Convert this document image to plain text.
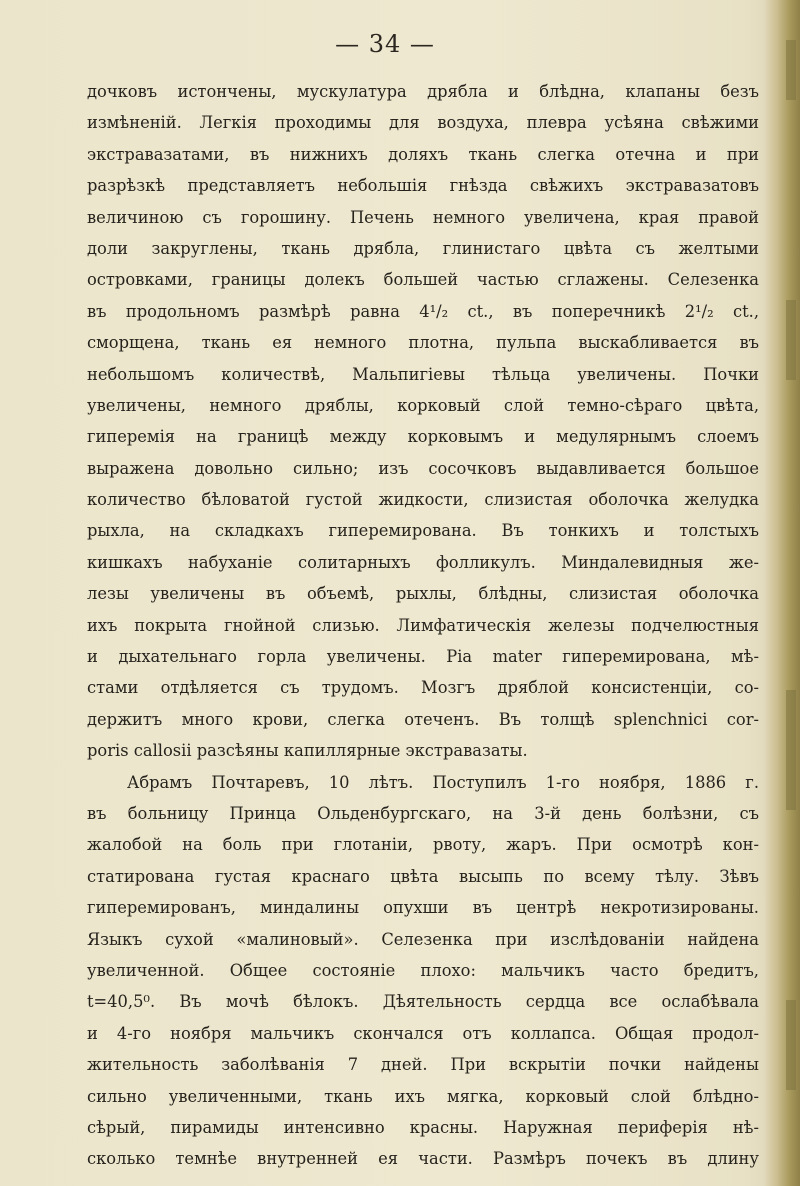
— 34 —
дочковъ истончены, мускулатура дрябла и блѣдна, клапаны безъ
измѣненій. Легкія проходимы для воздуха, плевра усѣяна свѣжими
экстравазатами, въ нижнихъ доляхъ ткань слегка отечна и при
разрѣзкѣ представляетъ небольшія гнѣзда свѣжихъ экстравазатовъ
величиною съ горошину. Печень немного увеличена, края правой
доли закруглены, ткань дрябла, глинистаго цвѣта съ желтыми
островками, границы долекъ большей частью сглажены. Селезенка
въ продольномъ размѣрѣ равна 4¹/₂ ct., въ поперечникѣ 2¹/₂ ct.,
сморщена, ткань ея немного плотна, пульпа выскабливается въ
небольшомъ количествѣ, Мальпигіевы тѣльца увеличены. Почки
увеличены, немного дряблы, корковый слой темно-сѣраго цвѣта,
гиперемія на границѣ между корковымъ и медулярнымъ слоемъ
выражена довольно сильно; изъ сосочковъ выдавливается большое
количество бѣловатой густой жидкости, слизистая оболочка желудка
рыхла, на складкахъ гиперемирована. Въ тонкихъ и толстыхъ
кишкахъ набуханіе солитарныхъ фолликулъ. Миндалевидныя же-
лезы увеличены въ объемѣ, рыхлы, блѣдны, слизистая оболочка
ихъ покрыта гнойной слизью. Лимфатическія железы подчелюстныя
и дыхательнаго горла увеличены. Pia mater гиперемирована, мѣ-
стами отдѣляется съ трудомъ. Мозгъ дряблой консистенціи, со-
держитъ много крови, слегка отеченъ. Въ толщѣ splenchnici cor-
poris callosii разсѣяны капиллярные экстравазаты.
Абрамъ Почтаревъ, 10 лѣтъ. Поступилъ 1-го ноября, 1886 г.
въ больницу Принца Ольденбургскаго, на 3-й день болѣзни, съ
жалобой на боль при глотаніи, рвоту, жаръ. При осмотрѣ кон-
статирована густая краснаго цвѣта высыпь по всему тѣлу. Зѣвъ
гиперемированъ, миндалины опухши въ центрѣ некротизированы.
Языкъ сухой «малиновый». Селезенка при изслѣдованіи найдена
увеличенной. Общее состояніе плохо: мальчикъ часто бредитъ,
t=40,5⁰. Въ мочѣ бѣлокъ. Дѣятельность сердца все ослабѣвала
и 4-го ноября мальчикъ скончался отъ коллапса. Общая продол-
жительность заболѣванія 7 дней. При вскрытіи почки найдены
сильно увеличенными, ткань ихъ мягка, корковый слой блѣдно-
сѣрый, пирамиды интенсивно красны. Наружная периферія нѣ-
сколько темнѣе внутренней ея части. Размѣръ почекъ въ длину
